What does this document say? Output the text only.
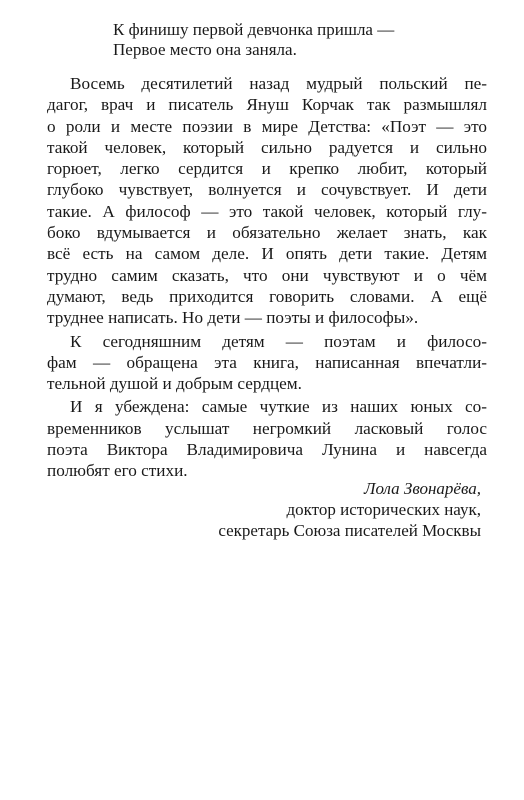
К финишу первой девчонка пришла —
Первое место она заняла.

Восемь десятилетий назад мудрый польский пе-
дагог, врач и писатель Януш Корчак так размышлял
о роли и месте поэзии в мире Детства: «Поэт — это
такой человек, который сильно радуется и сильно
горюет, легко сердится и крепко любит, который
глубоко чувствует, волнуется и сочувствует. И дети
такие. А философ — это такой человек, который глу-
боко вдумывается и обязательно желает знать, как
всё есть на самом деле. И опять дети такие. Детям
трудно самим сказать, что они чувствуют и о чём
думают, ведь приходится говорить словами. А ещё
труднее написать. Но дети — поэты и философы».

К сегодняшним детям — поэтам и филосо-
фам — обращена эта книга, написанная впечатли-
тельной душой и добрым сердцем.

И я убеждена: самые чуткие из наших юных со-
временников услышат негромкий ласковый голос
поэта Виктора Владимировича Лунина и навсегда
полюбят его стихи.

Лола Звонарёва,
доктор исторических наук,
секретарь Союза писателей Москвы
